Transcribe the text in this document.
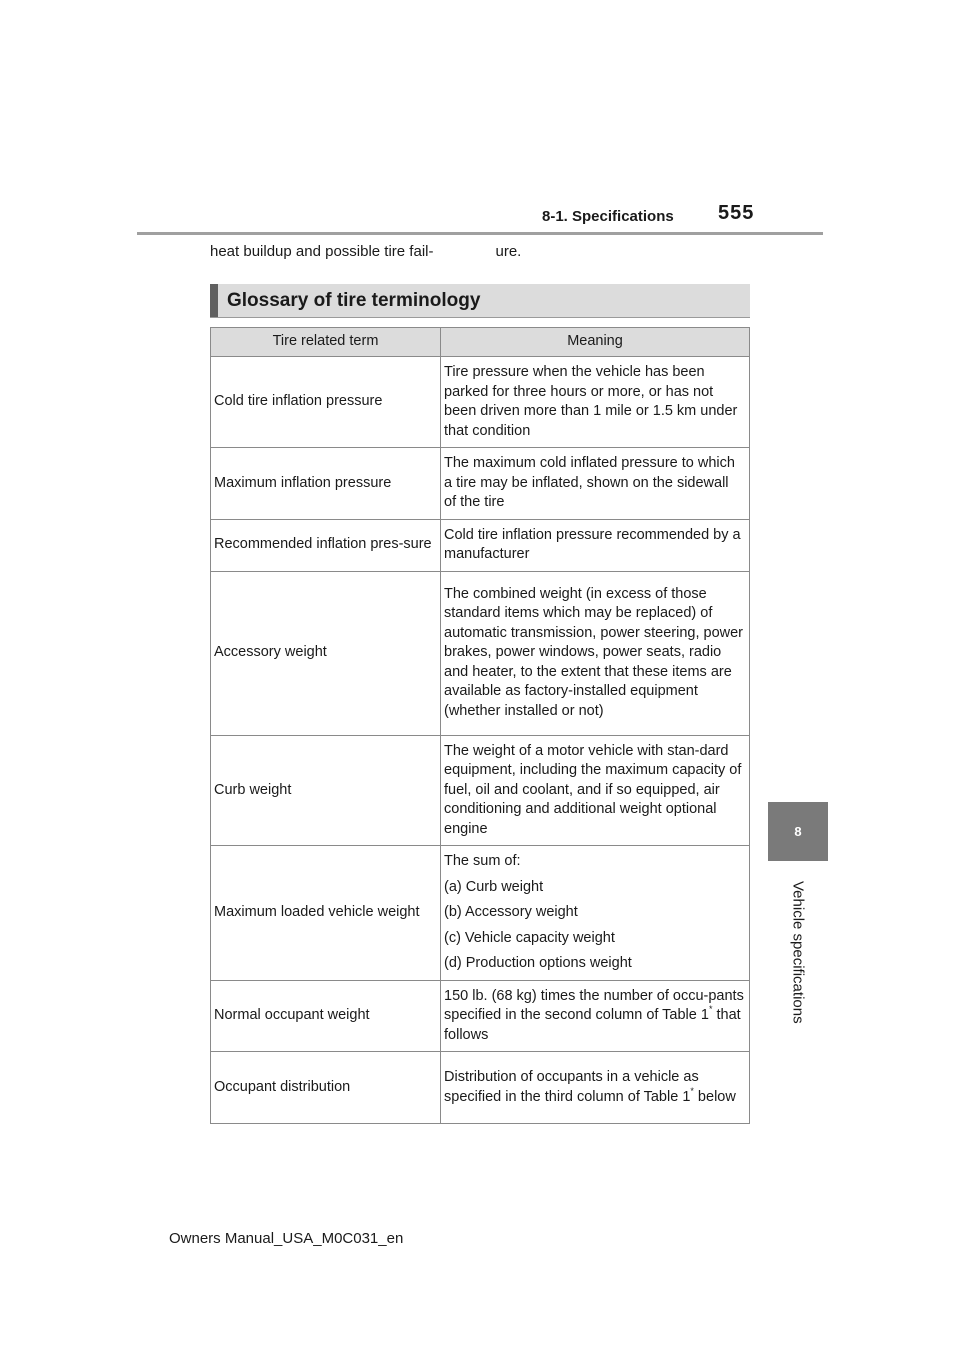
8-1. Specifications 555
heat buildup and possible tire fail-	ure.
8
Vehicle specifications
Glossary of tire terminology
Tire related term	Meaning
Cold tire inflation pressure	Tire pressure when the vehicle has been parked for three hours or more, or has not been driven more than 1 mile or 1.5 km under that condition
Maximum inflation pressure	The maximum cold inflated pressure to which a tire may be inflated, shown on the sidewall of the tire
Recommended inflation pres-sure	Cold tire inflation pressure recommended by a manufacturer
Accessory weight	The combined weight (in excess of those standard items which may be replaced) of automatic transmission, power steering, power brakes, power windows, power seats, radio and heater, to the extent that these items are available as factory-installed equipment (whether installed or not)
Curb weight	The weight of a motor vehicle with stan-dard equipment, including the maximum capacity of fuel, oil and coolant, and if so equipped, air conditioning and additional weight optional engine
Maximum loaded vehicle weight	The sum of:
(a) Curb weight
(b) Accessory weight
(c) Vehicle capacity weight
(d) Production options weight

Normal occupant weight	150 lb. (68 kg) times the number of occu-pants specified in the second column of Table 1* that follows
Occupant distribution	Distribution of occupants in a vehicle as specified in the third column of Table 1* below
Owners Manual_USA_M0C031_en
